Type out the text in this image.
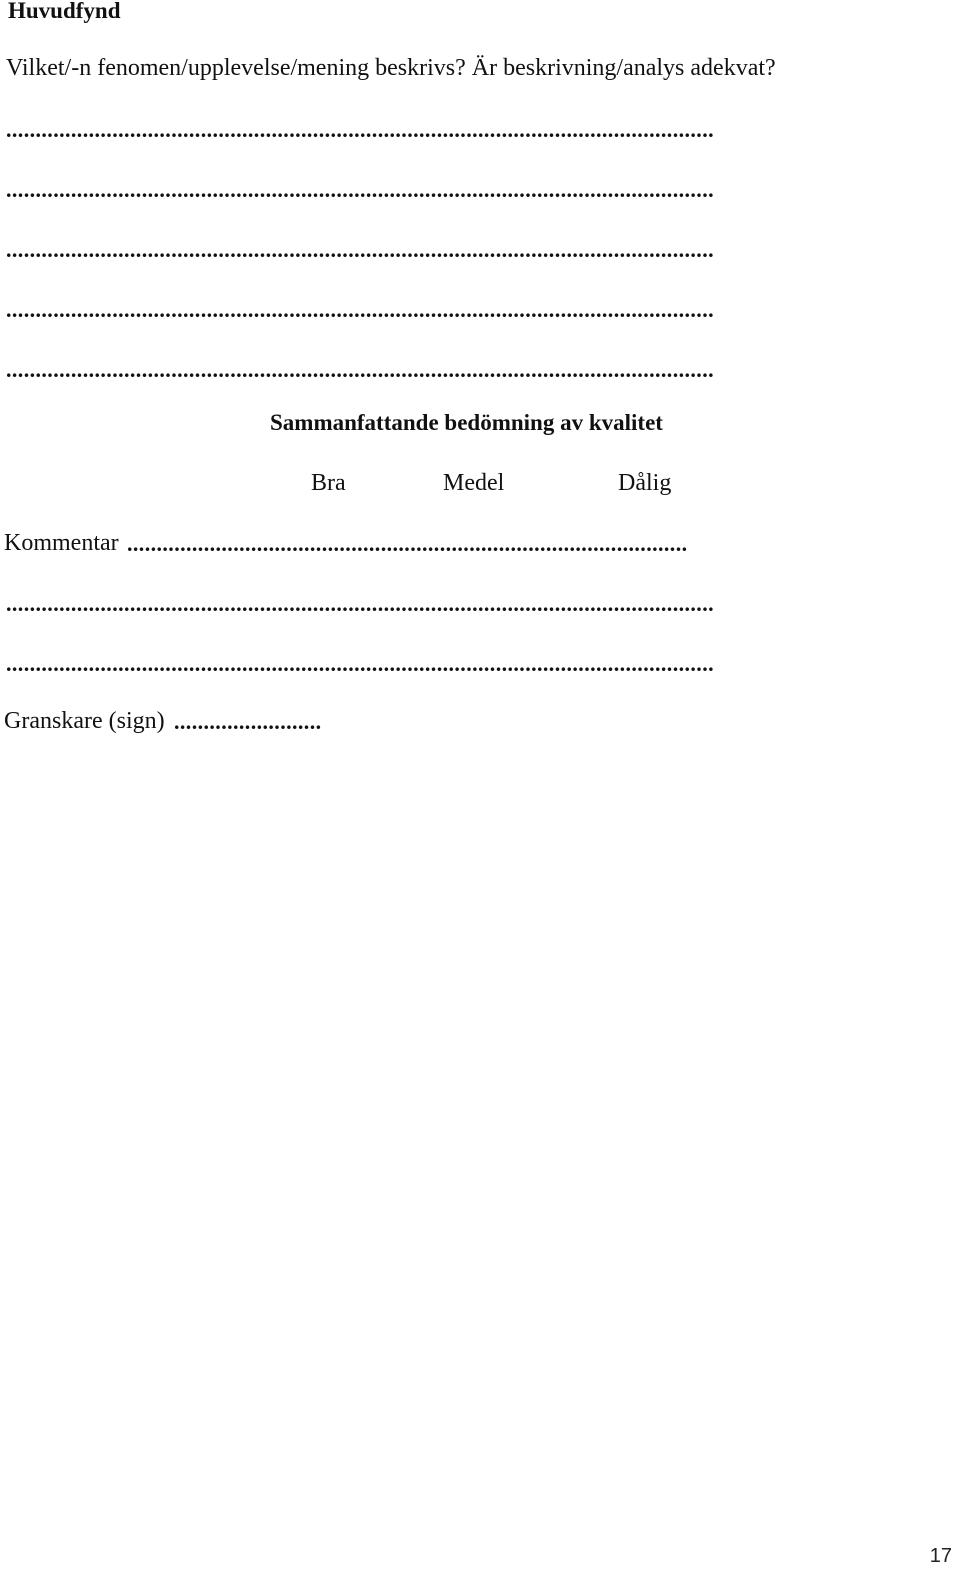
Huvudfynd
Vilket/-n fenomen/upplevelse/mening beskrivs? Är beskrivning/analys adekvat?
........................................................................................................................
........................................................................................................................
........................................................................................................................
........................................................................................................................
........................................................................................................................
Sammanfattande bedömning av kvalitet
Bra	Medel	Dålig
Kommentar ...............................................................................................
........................................................................................................................
........................................................................................................................
Granskare (sign) .........................
17
